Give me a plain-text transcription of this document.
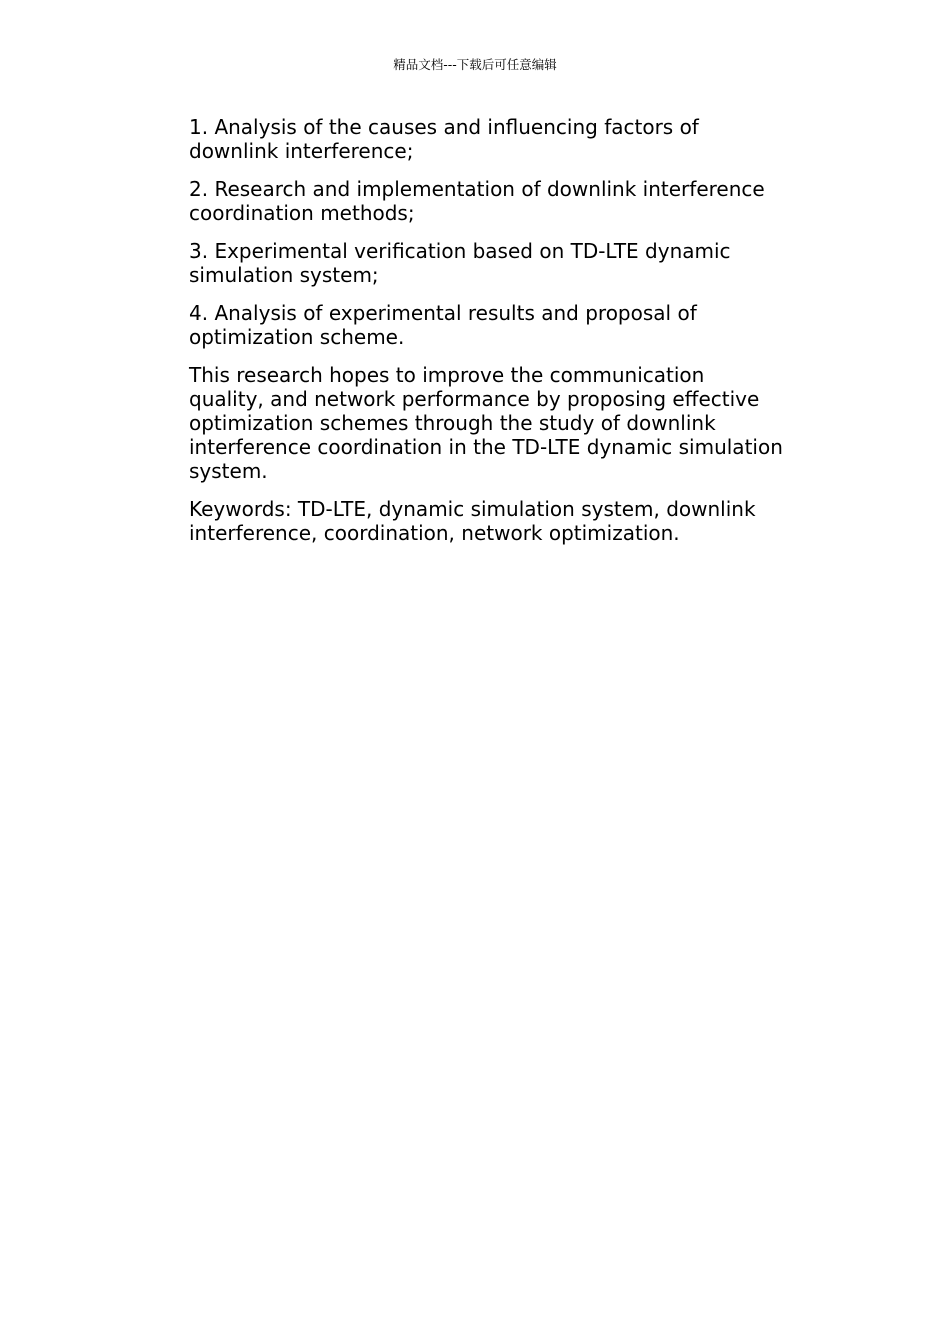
精品文档---下载后可任意编辑

1. Analysis of the causes and influencing factors of
downlink interference;

2. Research and implementation of downlink interference
coordination methods;

3. Experimental verification based on TD-LTE dynamic
simulation system;

4. Analysis of experimental results and proposal of
optimization scheme.

This research hopes to improve the communication
quality, and network performance by proposing effective
optimization schemes through the study of downlink
interference coordination in the TD-LTE dynamic simulation
system.

Keywords: TD-LTE, dynamic simulation system, downlink
interference, coordination, network optimization.
